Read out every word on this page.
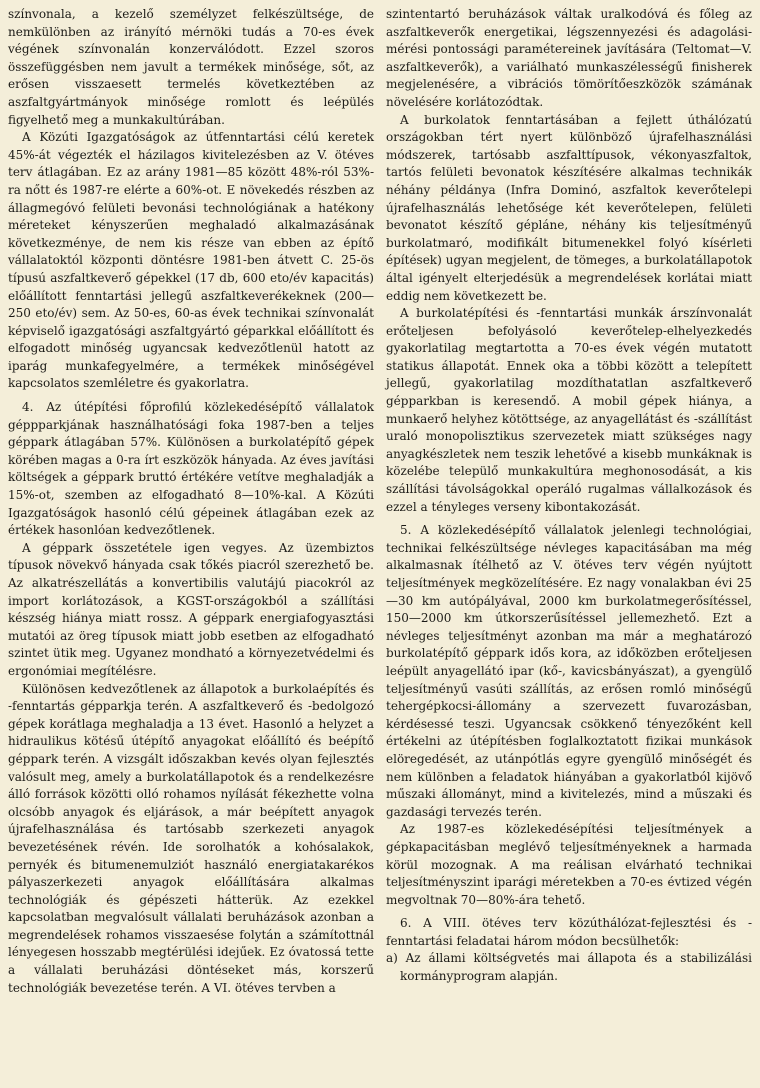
színvonala, a kezelő személyzet felkészültsége, de nemkülönben az irányító mérnöki tudás a 70-es évek végének színvonalán konzerválódott. Ezzel szoros összefüggésben nem javult a termékek minősége, sőt, az erősen visszaesett termelés következtében az aszfaltgyártmányok minősége romlott és leépülés figyelhető meg a munkakultúrában.

A Közúti Igazgatóságok az útfenntartási célú keretek 45%-át végezték el házilagos kivitelezésben az V. ötéves terv átlagában. Ez az arány 1981—85 között 48%-ról 53%-ra nőtt és 1987-re elérte a 60%-ot. E növekedés részben az állagmegóvó felületi bevonási technológiának a hatékony méreteket kényszerűen meghaladó alkalmazásának következménye, de nem kis része van ebben az építő vállalatoktól központi döntésre 1981-ben átvett C. 25-ös típusú aszfaltkeverő gépekkel (17 db, 600 eto/év kapacitás) előállított fenntartási jellegű aszfaltkeverékeknek (200—250 eto/év) sem. Az 50-es, 60-as évek technikai színvonalát képviselő igazgatósági aszfaltgyártó géparkkal előállított és elfogadott minőség ugyancsak kedvezőtlenül hatott az iparág munkafegyelmére, a termékek minőségével kapcsolatos szemléletre és gyakorlatra.

4. Az útépítési főprofilú közlekedésépítő vállalatok géppparkjának használhatósági foka 1987-ben a teljes géppark átlagában 57%. Különösen a burkolatépítő gépek körében magas a 0-ra írt eszközök hányada. Az éves javítási költségek a géppark bruttó értékére vetítve meghaladják a 15%-ot, szemben az elfogadható 8—10%-kal. A Közúti Igazgatóságok hasonló célú gépeinek átlagában ezek az értékek hasonlóan kedvezőtlenek.

A géppark összetétele igen vegyes. Az üzembiztos típusok növekvő hányada csak tőkés piacról szerezhető be. Az alkatrészellátás a konvertibilis valutájú piacokról az import korlátozások, a KGST-országokból a szállítási készség hiánya miatt rossz. A géppark energiafogyasztási mutatói az öreg típusok miatt jobb esetben az elfogadható szintet ütik meg. Ugyanez mondható a környezetvédelmi és ergonómiai megítélésre.

Különösen kedvezőtlenek az állapotok a burkolaépítés és -fenntartás gépparkja terén. A aszfaltkeverő és -bedolgozó gépek korátlaga meghaladja a 13 évet. Hasonló a helyzet a hidraulikus kötésű útépítő anyagokat előállító és beépítő géppark terén. A vizsgált időszakban kevés olyan fejlesztés valósult meg, amely a burkolatállapotok és a rendelkezésre álló források közötti olló rohamos nyílását fékezhette volna olcsóbb anyagok és eljárások, a már beépített anyagok újrafelhasználása és tartósabb szerkezeti anyagok bevezetésének révén. Ide sorolhatók a kohósalakok, pernyék és bitumenemulziót használó energiatakarékos pályaszerkezeti anyagok előállítására alkalmas technológiák és gépészeti hátterük. Az ezekkel kapcsolatban megvalósult vállalati beruházások azonban a megrendelések rohamos visszaesése folytán a számítottnál lényegesen hosszabb megtérülési idejűek. Ez óvatossá tette a vállalati beruházási döntéseket más, korszerű technológiák bevezetése terén. A VI. ötéves tervben a

szintentartó beruházások váltak uralkodóvá és főleg az aszfaltkeverők energetikai, légszennyezési és adagolási-mérési pontossági paramétereinek javítására (Teltomat—V. aszfaltkeverők), a variálható munkaszélességű finisherek megjelenésére, a vibrációs tömörítőeszközök számának növelésére korlátozódtak.

A burkolatok fenntartásában a fejlett úthálózatú országokban tért nyert különböző újrafelhasználási módszerek, tartósabb aszfalttípusok, vékonyaszfaltok, tartós felületi bevonatok készítésére alkalmas technikák néhány példánya (Infra Dominó, aszfaltok keverőtelepi újrafelhasználás lehetősége két keverőtelepen, felületi bevonatot készítő gépláne, néhány kis teljesítményű burkolatmaró, modifikált bitumenekkel folyó kísérleti építések) ugyan megjelent, de tömeges, a burkolatállapotok által igényelt elterjedésük a megrendelések korlátai miatt eddig nem következett be.

A burkolatépítési és -fenntartási munkák árszínvonalát erőteljesen befolyásoló keverőtelep-elhelyezkedés gyakorlatilag megtartotta a 70-es évek végén mutatott statikus állapotát. Ennek oka a többi között a telepített jellegű, gyakorlatilag mozdíthatatlan aszfaltkeverő gépparkban is keresendő. A mobil gépek hiánya, a munkaerő helyhez kötöttsége, az anyagellátást és -szállítást uraló monopolisztikus szervezetek miatt szükséges nagy anyagkészletek nem teszik lehetővé a kisebb munkáknak is közelébe települő munkakultúra meghonosodását, a kis szállítási távolságokkal operáló rugalmas vállalkozások és ezzel a tényleges verseny kibontakozását.

5. A közlekedésépítő vállalatok jelenlegi technológiai, technikai felkészültsége névleges kapacitásában ma még alkalmasnak ítélhető az V. ötéves terv végén nyújtott teljesítmények megközelítésére. Ez nagy vonalakban évi 25—30 km autópályával, 2000 km burkolatmegerősítéssel, 150—2000 km útkorszerűsítéssel jellemezhető. Ezt a névleges teljesítményt azonban ma már a meghatározó burkolatépítő géppark idős kora, az időközben erőteljesen leépült anyagellátó ipar (kő-, kavicsbányászat), a gyengülő teljesítményű vasúti szállítás, az erősen romló minőségű tehergépkocsi-állomány a szervezett fuvarozásban, kérdésessé teszi. Ugyancsak csökkenő tényezőként kell értékelni az útépítésben foglalkoztatott fizikai munkások elöregedését, az utánpótlás egyre gyengülő minőségét és nem különben a feladatok hiányában a gyakorlatból kijövő műszaki állományt, mind a kivitelezés, mind a műszaki és gazdasági tervezés terén.

Az 1987-es közlekedésépítési teljesítmények a gépkapacitásban meglévő teljesítményeknek a harmada körül mozognak. A ma reálisan elvárható technikai teljesítményszint iparági méretekben a 70-es évtized végén megvoltnak 70—80%-ára tehető.

6. A VIII. ötéves terv közúthálózat-fejlesztési és -fenntartási feladatai három módon becsülhetők:

a) Az állami költségvetés mai állapota és a stabilizálási kormányprogram alapján.
